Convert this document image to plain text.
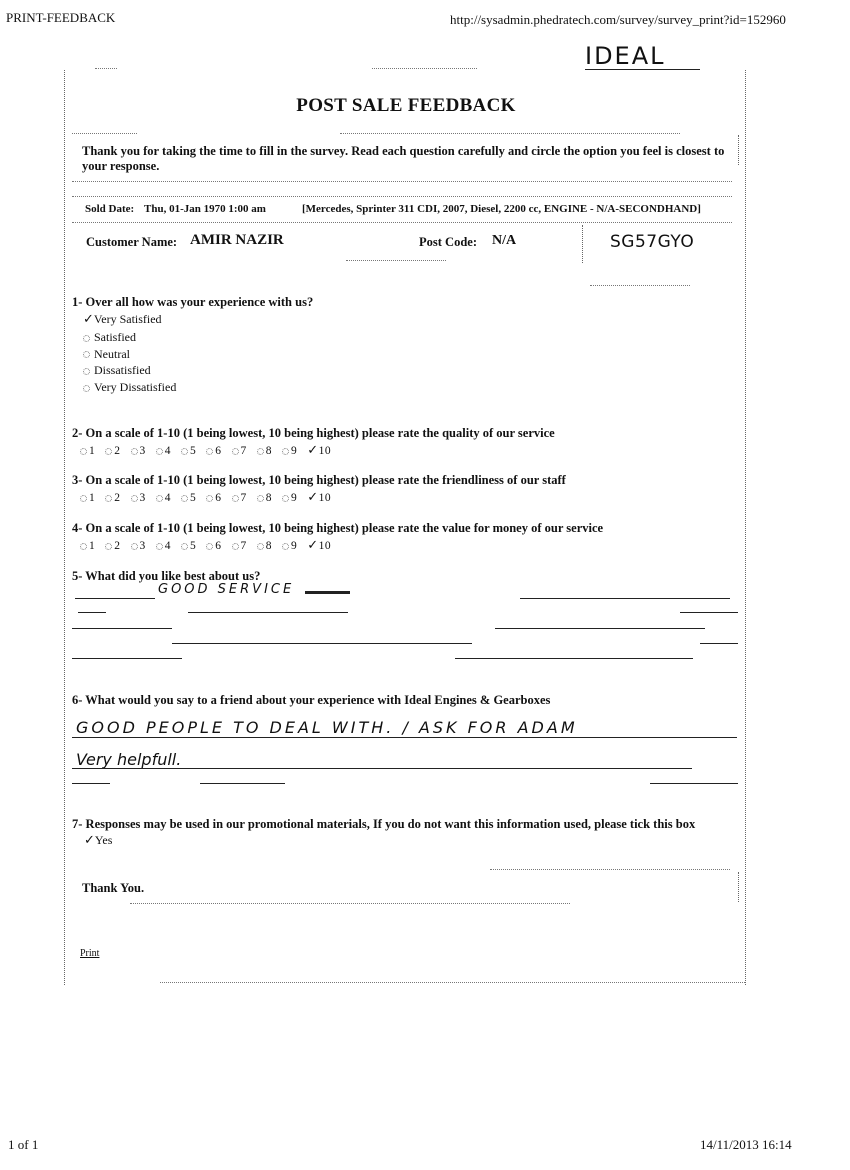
PRINT-FEEDBACK	http://sysadmin.phedratech.com/survey/survey_print?id=152960
IDEAL
POST SALE FEEDBACK
Thank you for taking the time to fill in the survey. Read each question carefully and circle the option you feel is closest to your response.
Sold Date: Thu, 01-Jan 1970 1:00 am	[Mercedes, Sprinter 311 CDI, 2007, Diesel, 2200 cc, ENGINE - N/A-SECONDHAND]
Customer Name: AMIR NAZIR	Post Code: N/A	SG57GYO
1- Over all how was your experience with us?
✓Very Satisfied
Satisfied
Neutral
Dissatisfied
Very Dissatisfied
2- On a scale of 1-10 (1 being lowest, 10 being highest) please rate the quality of our service
1 2 3 4 5 6 7 8 9 ✓10
3- On a scale of 1-10 (1 being lowest, 10 being highest) please rate the friendliness of our staff
1 2 3 4 5 6 7 8 9 ✓10
4- On a scale of 1-10 (1 being lowest, 10 being highest) please rate the value for money of our service
1 2 3 4 5 6 7 8 9 ✓10
5- What did you like best about us?
GOOD SERVICE
6- What would you say to a friend about your experience with Ideal Engines & Gearboxes
GOOD PEOPLE TO DEAL WITH. / ASK FOR ADAM
Very helpfull.
7- Responses may be used in our promotional materials, If you do not want this information used, please tick this box
✓Yes
Thank You.
Print
1 of 1	14/11/2013 16:14
